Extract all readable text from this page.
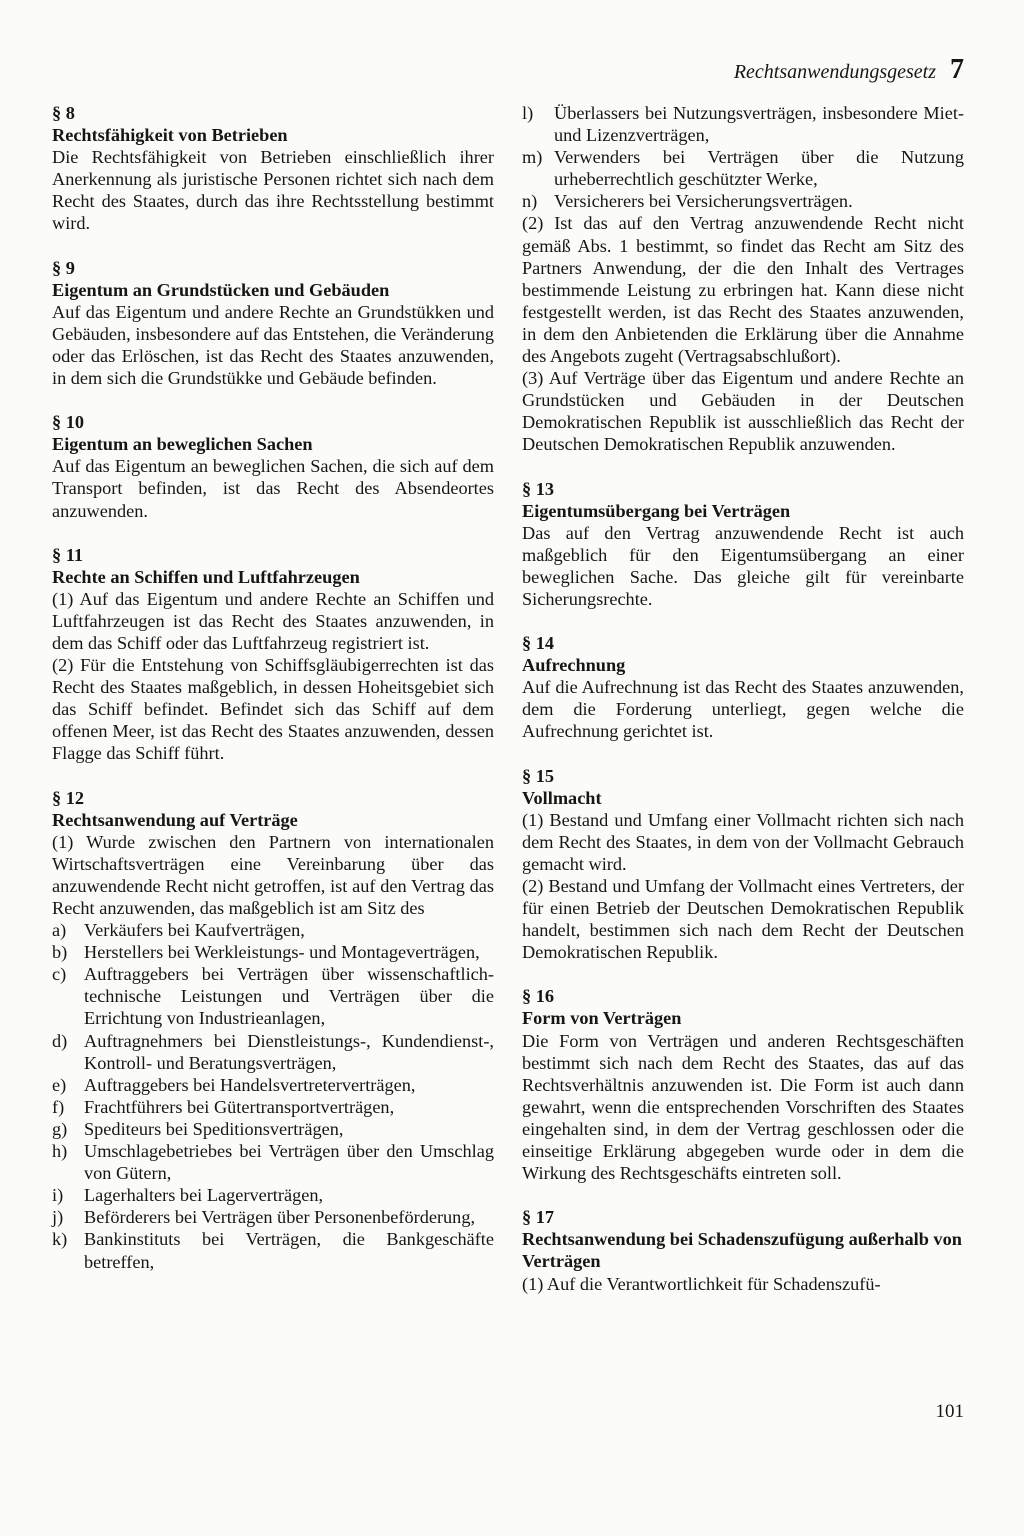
Rechtsanwendungsgesetz 7
§ 8
Rechtsfähigkeit von Betrieben
Die Rechtsfähigkeit von Betrieben einschließlich ihrer Anerkennung als juristische Personen richtet sich nach dem Recht des Staates, durch das ihre Rechtsstellung bestimmt wird.
§ 9
Eigentum an Grundstücken und Gebäuden
Auf das Eigentum und andere Rechte an Grundstükken und Gebäuden, insbesondere auf das Entstehen, die Veränderung oder das Erlöschen, ist das Recht des Staates anzuwenden, in dem sich die Grundstükke und Gebäude befinden.
§ 10
Eigentum an beweglichen Sachen
Auf das Eigentum an beweglichen Sachen, die sich auf dem Transport befinden, ist das Recht des Absendeortes anzuwenden.
§ 11
Rechte an Schiffen und Luftfahrzeugen
(1) Auf das Eigentum und andere Rechte an Schiffen und Luftfahrzeugen ist das Recht des Staates anzuwenden, in dem das Schiff oder das Luftfahrzeug registriert ist.
(2) Für die Entstehung von Schiffsgläubigerrechten ist das Recht des Staates maßgeblich, in dessen Hoheitsgebiet sich das Schiff befindet. Befindet sich das Schiff auf dem offenen Meer, ist das Recht des Staates anzuwenden, dessen Flagge das Schiff führt.
§ 12
Rechtsanwendung auf Verträge
(1) Wurde zwischen den Partnern von internationalen Wirtschaftsverträgen eine Vereinbarung über das anzuwendende Recht nicht getroffen, ist auf den Vertrag das Recht anzuwenden, das maßgeblich ist am Sitz des
a) Verkäufers bei Kaufverträgen,
b) Herstellers bei Werkleistungs- und Montageverträgen,
c) Auftraggebers bei Verträgen über wissenschaftlich-technische Leistungen und Verträgen über die Errichtung von Industrieanlagen,
d) Auftragnehmers bei Dienstleistungs-, Kundendienst-, Kontroll- und Beratungsverträgen,
e) Auftraggebers bei Handelsvertreterverträgen,
f)	Frachtführers bei Gütertransportverträgen,
g) Spediteurs bei Speditionsverträgen,
h) Umschlagebetriebes bei Verträgen über den Umschlag von Gütern,
i)	Lagerhalters bei Lagerverträgen,
j)	Beförderers bei Verträgen über Personenbeförderung,
k) Bankinstituts bei Verträgen, die Bankgeschäfte betreffen,
l)	Überlassers bei Nutzungsverträgen, insbesondere Miet- und Lizenzverträgen,
m) Verwenders bei Verträgen über die Nutzung urheberrechtlich geschützter Werke,
n) Versicherers bei Versicherungsverträgen.
(2) Ist das auf den Vertrag anzuwendende Recht nicht gemäß Abs. 1 bestimmt, so findet das Recht am Sitz des Partners Anwendung, der die den Inhalt des Vertrages bestimmende Leistung zu erbringen hat. Kann diese nicht festgestellt werden, ist das Recht des Staates anzuwenden, in dem den Anbietenden die Erklärung über die Annahme des Angebots zugeht (Vertragsabschlußort).
(3) Auf Verträge über das Eigentum und andere Rechte an Grundstücken und Gebäuden in der Deutschen Demokratischen Republik ist ausschließlich das Recht der Deutschen Demokratischen Republik anzuwenden.
§ 13
Eigentumsübergang bei Verträgen
Das auf den Vertrag anzuwendende Recht ist auch maßgeblich für den Eigentumsübergang an einer beweglichen Sache. Das gleiche gilt für vereinbarte Sicherungsrechte.
§ 14
Aufrechnung
Auf die Aufrechnung ist das Recht des Staates anzuwenden, dem die Forderung unterliegt, gegen welche die Aufrechnung gerichtet ist.
§ 15
Vollmacht
(1) Bestand und Umfang einer Vollmacht richten sich nach dem Recht des Staates, in dem von der Vollmacht Gebrauch gemacht wird.
(2) Bestand und Umfang der Vollmacht eines Vertreters, der für einen Betrieb der Deutschen Demokratischen Republik handelt, bestimmen sich nach dem Recht der Deutschen Demokratischen Republik.
§ 16
Form von Verträgen
Die Form von Verträgen und anderen Rechtsgeschäften bestimmt sich nach dem Recht des Staates, das auf das Rechtsverhältnis anzuwenden ist. Die Form ist auch dann gewahrt, wenn die entsprechenden Vorschriften des Staates eingehalten sind, in dem der Vertrag geschlossen oder die einseitige Erklärung abgegeben wurde oder in dem die Wirkung des Rechtsgeschäfts eintreten soll.
§ 17
Rechtsanwendung bei Schadenszufügung außerhalb von Verträgen
(1) Auf die Verantwortlichkeit für Schadenszufü-
101
